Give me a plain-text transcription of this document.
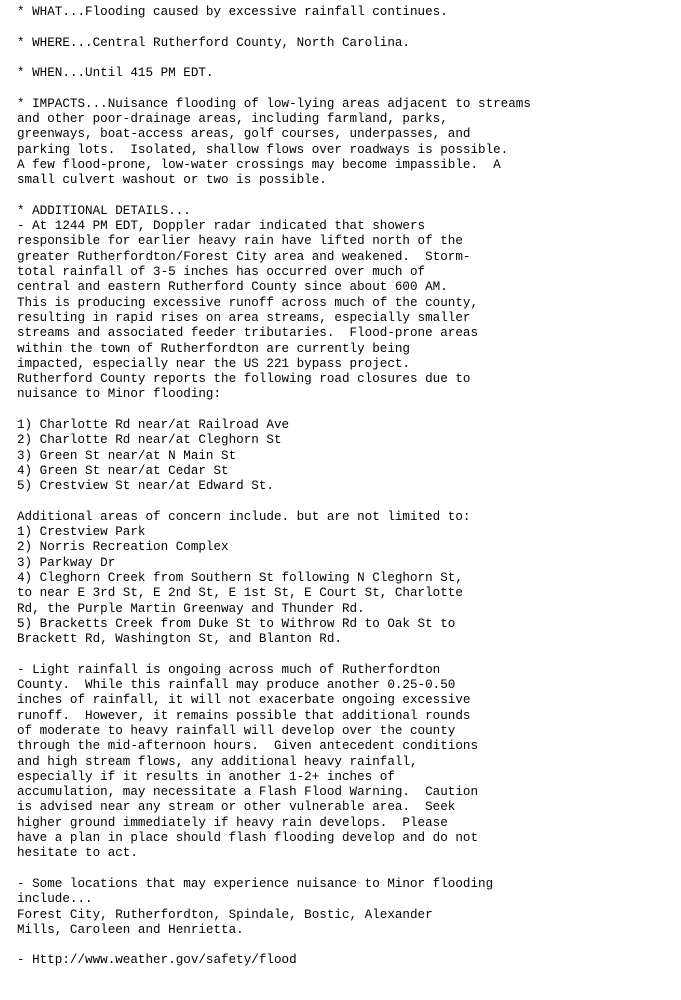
* WHAT...Flooding caused by excessive rainfall continues.
* WHERE...Central Rutherford County, North Carolina.
* WHEN...Until 415 PM EDT.
* IMPACTS...Nuisance flooding of low-lying areas adjacent to streams
and other poor-drainage areas, including farmland, parks,
greenways, boat-access areas, golf courses, underpasses, and
parking lots.  Isolated, shallow flows over roadways is possible.
A few flood-prone, low-water crossings may become impassible.  A
small culvert washout or two is possible.
* ADDITIONAL DETAILS...
- At 1244 PM EDT, Doppler radar indicated that showers
responsible for earlier heavy rain have lifted north of the
greater Rutherfordton/Forest City area and weakened.  Storm-
total rainfall of 3-5 inches has occurred over much of
central and eastern Rutherford County since about 600 AM.
This is producing excessive runoff across much of the county,
resulting in rapid rises on area streams, especially smaller
streams and associated feeder tributaries.  Flood-prone areas
within the town of Rutherfordton are currently being
impacted, especially near the US 221 bypass project.
Rutherford County reports the following road closures due to
nuisance to Minor flooding:
1) Charlotte Rd near/at Railroad Ave
2) Charlotte Rd near/at Cleghorn St
3) Green St near/at N Main St
4) Green St near/at Cedar St
5) Crestview St near/at Edward St.
Additional areas of concern include. but are not limited to:
1) Crestview Park
2) Norris Recreation Complex
3) Parkway Dr
4) Cleghorn Creek from Southern St following N Cleghorn St,
to near E 3rd St, E 2nd St, E 1st St, E Court St, Charlotte
Rd, the Purple Martin Greenway and Thunder Rd.
5) Bracketts Creek from Duke St to Withrow Rd to Oak St to
Brackett Rd, Washington St, and Blanton Rd.
- Light rainfall is ongoing across much of Rutherfordton
County.  While this rainfall may produce another 0.25-0.50
inches of rainfall, it will not exacerbate ongoing excessive
runoff.  However, it remains possible that additional rounds
of moderate to heavy rainfall will develop over the county
through the mid-afternoon hours.  Given antecedent conditions
and high stream flows, any additional heavy rainfall,
especially if it results in another 1-2+ inches of
accumulation, may necessitate a Flash Flood Warning.  Caution
is advised near any stream or other vulnerable area.  Seek
higher ground immediately if heavy rain develops.  Please
have a plan in place should flash flooding develop and do not
hesitate to act.
- Some locations that may experience nuisance to Minor flooding
include...
Forest City, Rutherfordton, Spindale, Bostic, Alexander
Mills, Caroleen and Henrietta.
- Http://www.weather.gov/safety/flood
